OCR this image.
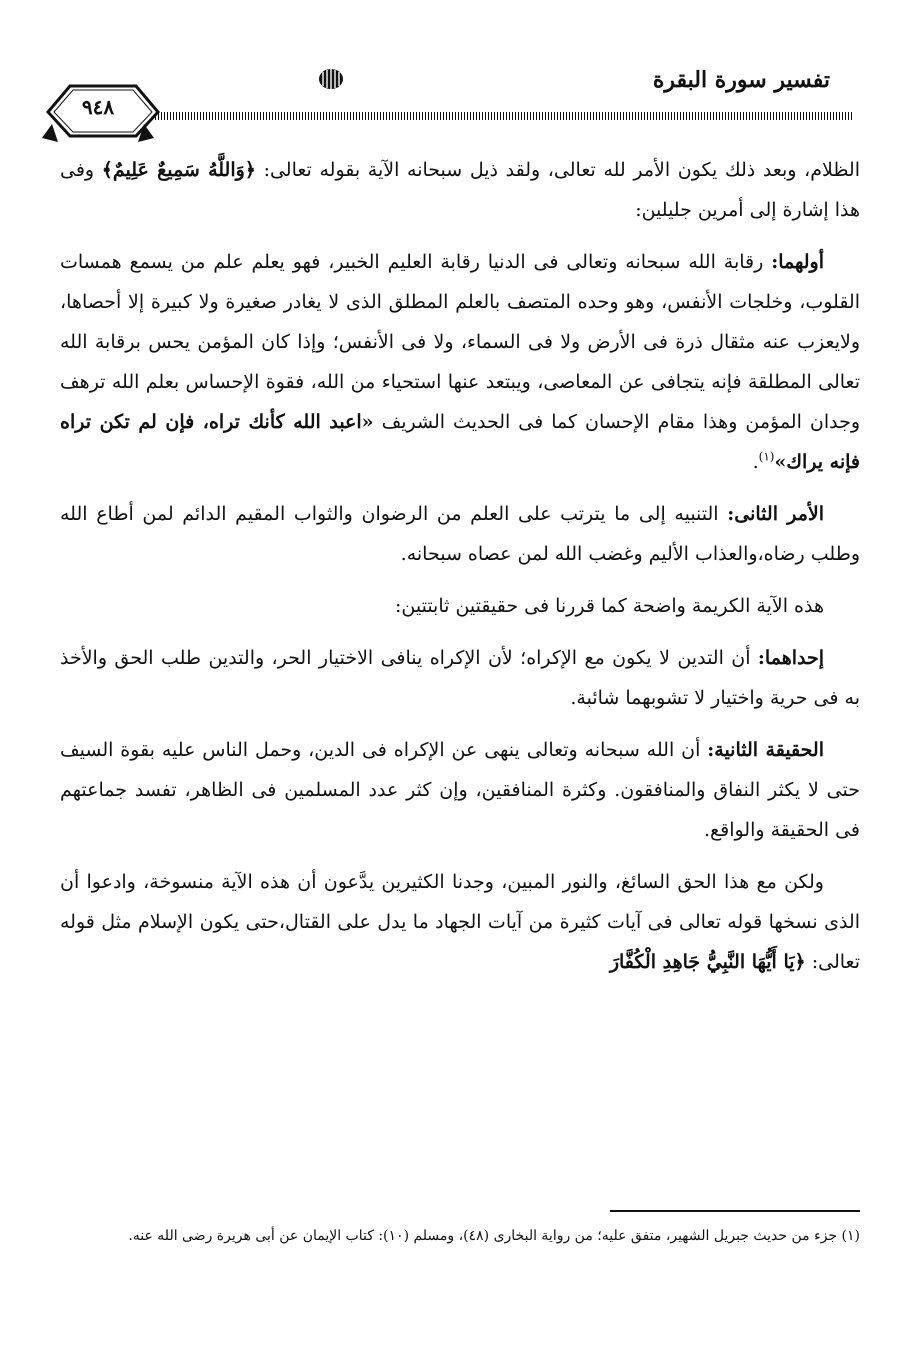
تفسير سورة البقرة
٩٤٨

الظلام، وبعد ذلك يكون الأمر لله تعالى، ولقد ذيل سبحانه الآية بقوله تعالى: ﴿وَاللَّهُ سَمِيعٌ عَلِيمٌ﴾ وفى هذا إشارة إلى أمرين جليلين:

أولهما: رقابة الله سبحانه وتعالى فى الدنيا رقابة العليم الخبير، فهو يعلم علم من يسمع همسات القلوب، وخلجات الأنفس، وهو وحده المتصف بالعلم المطلق الذى لا يغادر صغيرة ولا كبيرة إلا أحصاها، ولايعزب عنه مثقال ذرة فى الأرض ولا فى السماء، ولا فى الأنفس؛ وإذا كان المؤمن يحس برقابة الله تعالى المطلقة فإنه يتجافى عن المعاصى، ويبتعد عنها استحياء من الله، فقوة الإحساس بعلم الله ترهف وجدان المؤمن وهذا مقام الإحسان كما فى الحديث الشريف «اعبد الله كأنك تراه، فإن لم تكن تراه فإنه يراك»$^{(١)}$.

الأمر الثانى: التنبيه إلى ما يترتب على العلم من الرضوان والثواب المقيم الدائم لمن أطاع الله وطلب رضاه،والعذاب الأليم وغضب الله لمن عصاه سبحانه.

هذه الآية الكريمة واضحة كما قررنا فى حقيقتين ثابتتين:

إحداهما: أن التدين لا يكون مع الإكراه؛ لأن الإكراه ينافى الاختيار الحر، والتدين طلب الحق والأخذ به فى حرية واختيار لا تشوبهما شائبة.

الحقيقة الثانية: أن الله سبحانه وتعالى ينهى عن الإكراه فى الدين، وحمل الناس عليه بقوة السيف حتى لا يكثر النفاق والمنافقون. وكثرة المنافقين، وإن كثر عدد المسلمين فى الظاهر، تفسد جماعتهم فى الحقيقة والواقع.

ولكن مع هذا الحق السائغ، والنور المبين، وجدنا الكثيرين يدَّعون أن هذه الآية منسوخة، وادعوا أن الذى نسخها قوله تعالى فى آيات كثيرة من آيات الجهاد ما يدل على القتال،حتى يكون الإسلام مثل قوله تعالى: ﴿يَا أَيُّهَا النَّبِيُّ جَاهِدِ الْكُفَّارَ

(١) جزء من حديث جبريل الشهير، متفق عليه؛ من رواية البخارى (٤٨)، ومسلم (١٠): كتاب الإيمان عن أبى هريرة رضى الله عنه.
